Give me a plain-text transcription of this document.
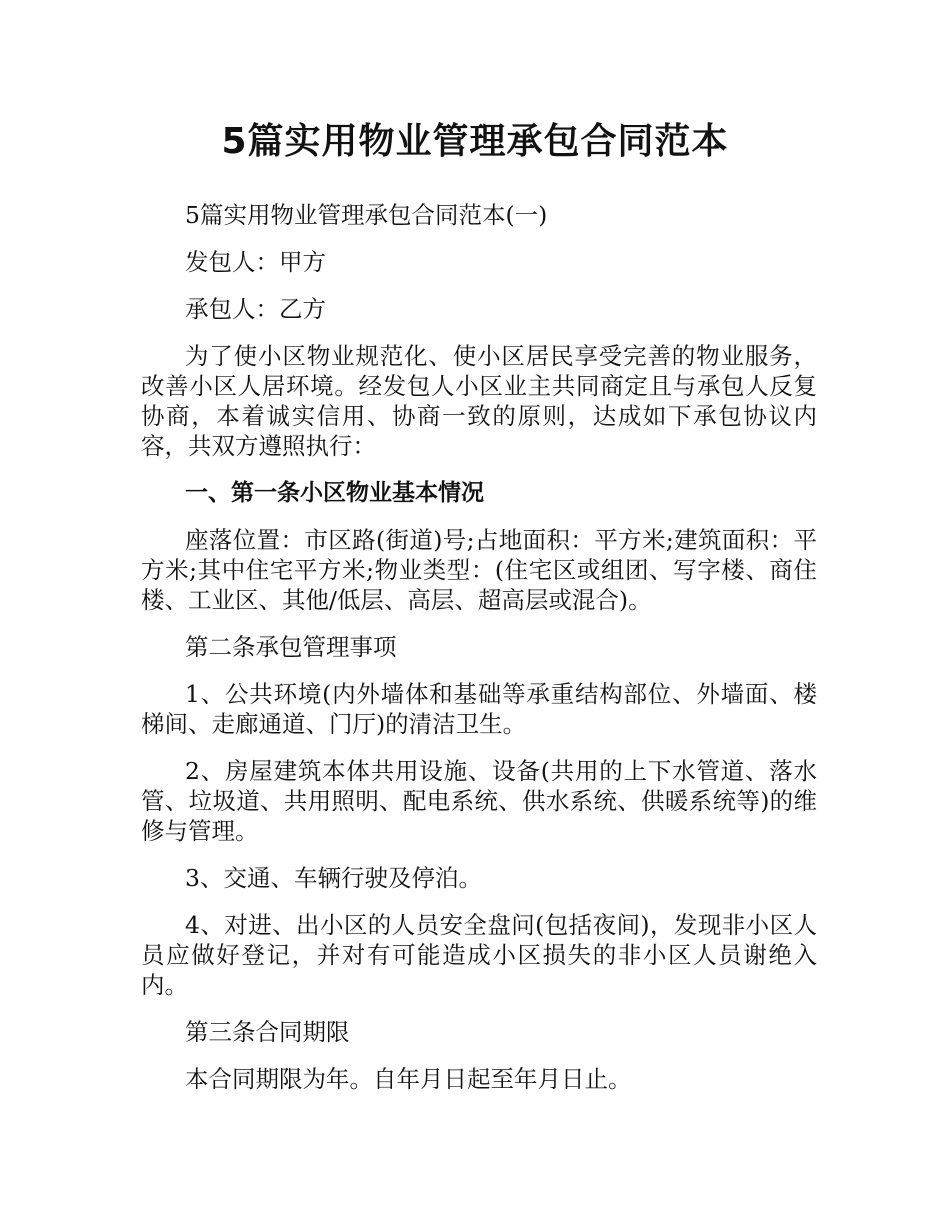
5篇实用物业管理承包合同范本

5篇实用物业管理承包合同范本(一)

发包人：甲方

承包人：乙方

为了使小区物业规范化、使小区居民享受完善的物业服务，改善小区人居环境。经发包人小区业主共同商定且与承包人反复协商，本着诚实信用、协商一致的原则，达成如下承包协议内容，共双方遵照执行：

一、第一条小区物业基本情况

座落位置：市区路(街道)号;占地面积：平方米;建筑面积：平方米;其中住宅平方米;物业类型：(住宅区或组团、写字楼、商住楼、工业区、其他/低层、高层、超高层或混合)。

第二条承包管理事项

1、公共环境(内外墙体和基础等承重结构部位、外墙面、楼梯间、走廊通道、门厅)的清洁卫生。

2、房屋建筑本体共用设施、设备(共用的上下水管道、落水管、垃圾道、共用照明、配电系统、供水系统、供暖系统等)的维修与管理。

3、交通、车辆行驶及停泊。

4、对进、出小区的人员安全盘问(包括夜间)，发现非小区人员应做好登记，并对有可能造成小区损失的非小区人员谢绝入内。

第三条合同期限

本合同期限为年。自年月日起至年月日止。
